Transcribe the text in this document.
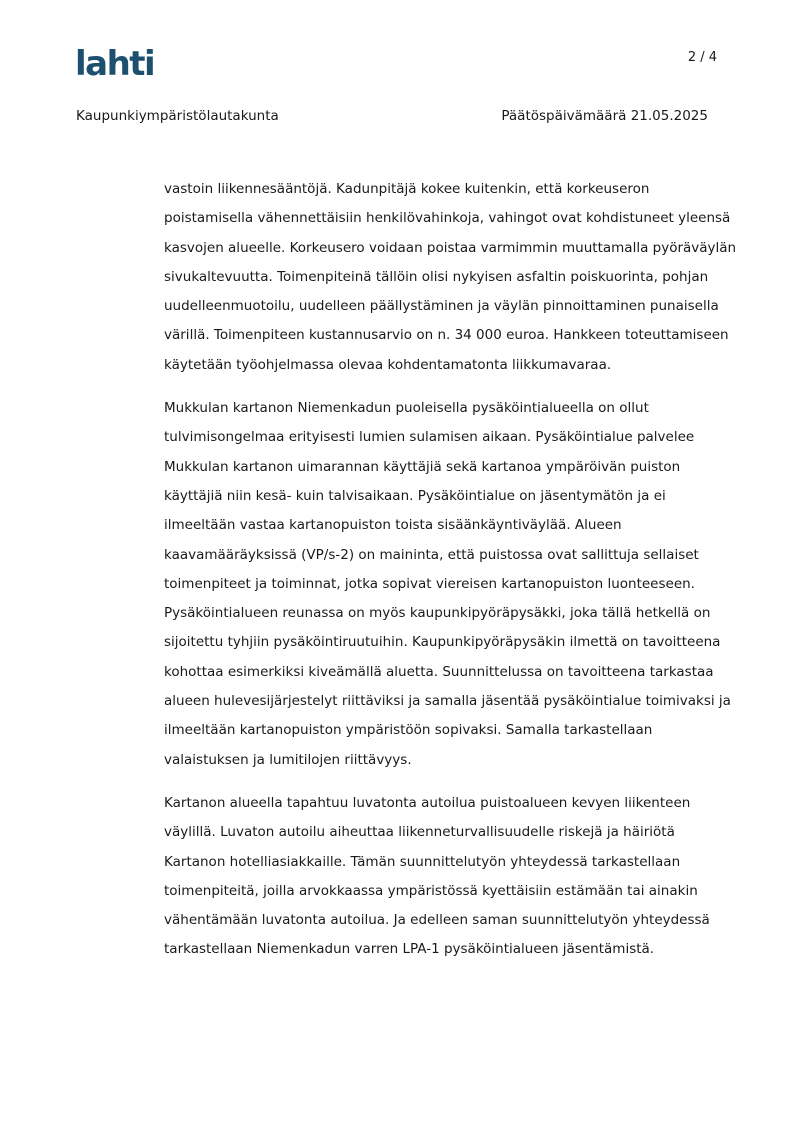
lahti	2 / 4
Kaupunkiympäristölautakunta	Päätöspäivämäärä 21.05.2025

vastoin liikennesääntöjä. Kadunpitäjä kokee kuitenkin, että korkeuseron
poistamisella vähennettäisiin henkilövahinkoja, vahingot ovat kohdistuneet yleensä
kasvojen alueelle. Korkeusero voidaan poistaa varmimmin muuttamalla pyöräväylän
sivukaltevuutta. Toimenpiteinä tällöin olisi nykyisen asfaltin poiskuorinta, pohjan
uudelleenmuotoilu, uudelleen päällystäminen ja väylän pinnoittaminen punaisella
värillä. Toimenpiteen kustannusarvio on n. 34 000 euroa. Hankkeen toteuttamiseen
käytetään työohjelmassa olevaa kohdentamatonta liikkumavaraa.

Mukkulan kartanon Niemenkadun puoleisella pysäköintialueella on ollut
tulvimisongelmaa erityisesti lumien sulamisen aikaan. Pysäköintialue palvelee
Mukkulan kartanon uimarannan käyttäjiä sekä kartanoa ympäröivän puiston
käyttäjiä niin kesä- kuin talvisaikaan. Pysäköintialue on jäsentymätön ja ei
ilmeeltään vastaa kartanopuiston toista sisäänkäyntiväylää. Alueen
kaavamääräyksissä (VP/s-2) on maininta, että puistossa ovat sallittuja sellaiset
toimenpiteet ja toiminnat, jotka sopivat viereisen kartanopuiston luonteeseen.
Pysäköintialueen reunassa on myös kaupunkipyöräpysäkki, joka tällä hetkellä on
sijoitettu tyhjiin pysäköintiruutuihin. Kaupunkipyöräpysäkin ilmettä on tavoitteena
kohottaa esimerkiksi kiveämällä aluetta. Suunnittelussa on tavoitteena tarkastaa
alueen hulevesijärjestelyt riittäviksi ja samalla jäsentää pysäköintialue toimivaksi ja
ilmeeltään kartanopuiston ympäristöön sopivaksi. Samalla tarkastellaan
valaistuksen ja lumitilojen riittävyys.

Kartanon alueella tapahtuu luvatonta autoilua puistoalueen kevyen liikenteen
väylillä. Luvaton autoilu aiheuttaa liikenneturvallisuudelle riskejä ja häiriötä
Kartanon hotelliasiakkaille. Tämän suunnittelutyön yhteydessä tarkastellaan
toimenpiteitä, joilla arvokkaassa ympäristössä kyettäisiin estämään tai ainakin
vähentämään luvatonta autoilua. Ja edelleen saman suunnittelutyön yhteydessä
tarkastellaan Niemenkadun varren LPA-1 pysäköintialueen jäsentämistä.
